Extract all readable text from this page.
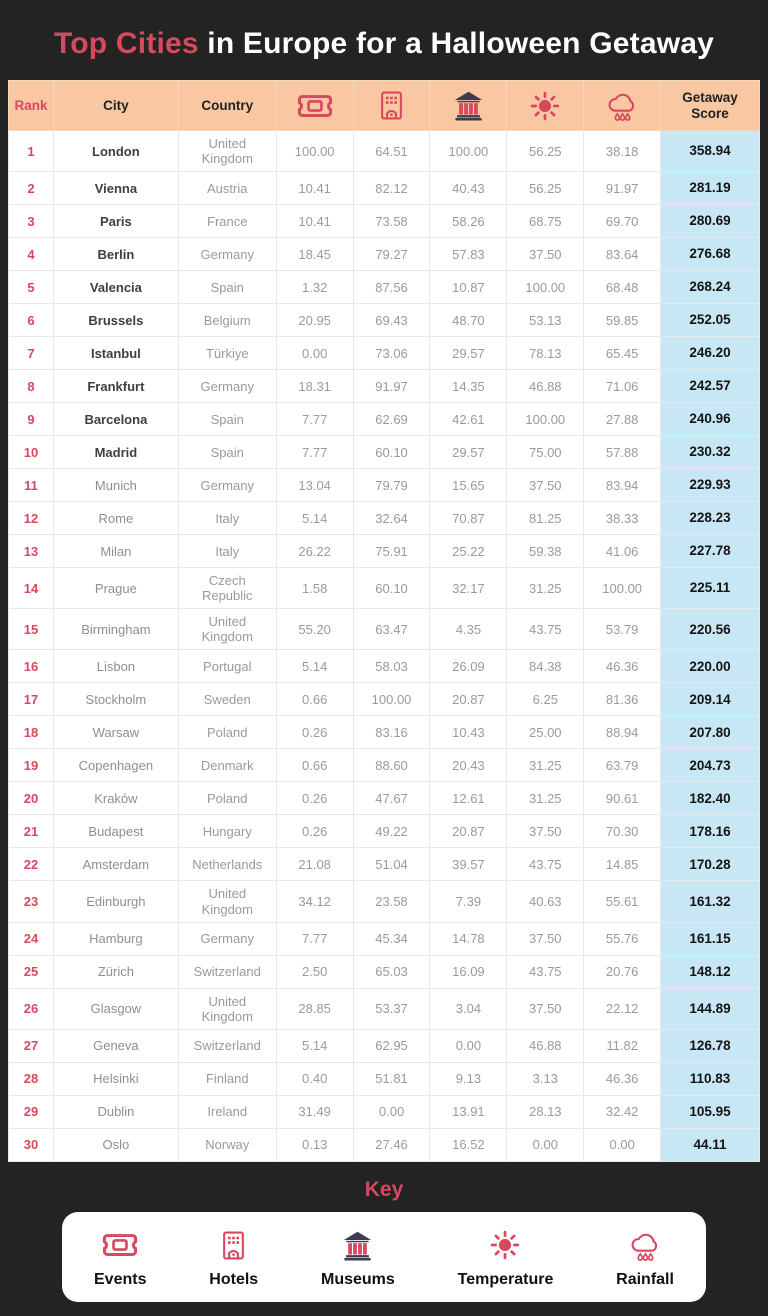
Top Cities in Europe for a Halloween Getaway
Rank	City	Country						Getaway Score
1	London	United Kingdom	100.00	64.51	100.00	56.25	38.18	358.94
2	Vienna	Austria	10.41	82.12	40.43	56.25	91.97	281.19
3	Paris	France	10.41	73.58	58.26	68.75	69.70	280.69
4	Berlin	Germany	18.45	79.27	57.83	37.50	83.64	276.68
5	Valencia	Spain	1.32	87.56	10.87	100.00	68.48	268.24
6	Brussels	Belgium	20.95	69.43	48.70	53.13	59.85	252.05
7	Istanbul	Türkiye	0.00	73.06	29.57	78.13	65.45	246.20
8	Frankfurt	Germany	18.31	91.97	14.35	46.88	71.06	242.57
9	Barcelona	Spain	7.77	62.69	42.61	100.00	27.88	240.96
10	Madrid	Spain	7.77	60.10	29.57	75.00	57.88	230.32
11	Munich	Germany	13.04	79.79	15.65	37.50	83.94	229.93
12	Rome	Italy	5.14	32.64	70.87	81.25	38.33	228.23
13	Milan	Italy	26.22	75.91	25.22	59.38	41.06	227.78
14	Prague	Czech Republic	1.58	60.10	32.17	31.25	100.00	225.11
15	Birmingham	United Kingdom	55.20	63.47	4.35	43.75	53.79	220.56
16	Lisbon	Portugal	5.14	58.03	26.09	84.38	46.36	220.00
17	Stockholm	Sweden	0.66	100.00	20.87	6.25	81.36	209.14
18	Warsaw	Poland	0.26	83.16	10.43	25.00	88.94	207.80
19	Copenhagen	Denmark	0.66	88.60	20.43	31.25	63.79	204.73
20	Kraków	Poland	0.26	47.67	12.61	31.25	90.61	182.40
21	Budapest	Hungary	0.26	49.22	20.87	37.50	70.30	178.16
22	Amsterdam	Netherlands	21.08	51.04	39.57	43.75	14.85	170.28
23	Edinburgh	United Kingdom	34.12	23.58	7.39	40.63	55.61	161.32
24	Hamburg	Germany	7.77	45.34	14.78	37.50	55.76	161.15
25	Zürich	Switzerland	2.50	65.03	16.09	43.75	20.76	148.12
26	Glasgow	United Kingdom	28.85	53.37	3.04	37.50	22.12	144.89
27	Geneva	Switzerland	5.14	62.95	0.00	46.88	11.82	126.78
28	Helsinki	Finland	0.40	51.81	9.13	3.13	46.36	110.83
29	Dublin	Ireland	31.49	0.00	13.91	28.13	32.42	105.95
30	Oslo	Norway	0.13	27.46	16.52	0.00	0.00	44.11
Key
Events	Hotels	Museums	Temperature	Rainfall
